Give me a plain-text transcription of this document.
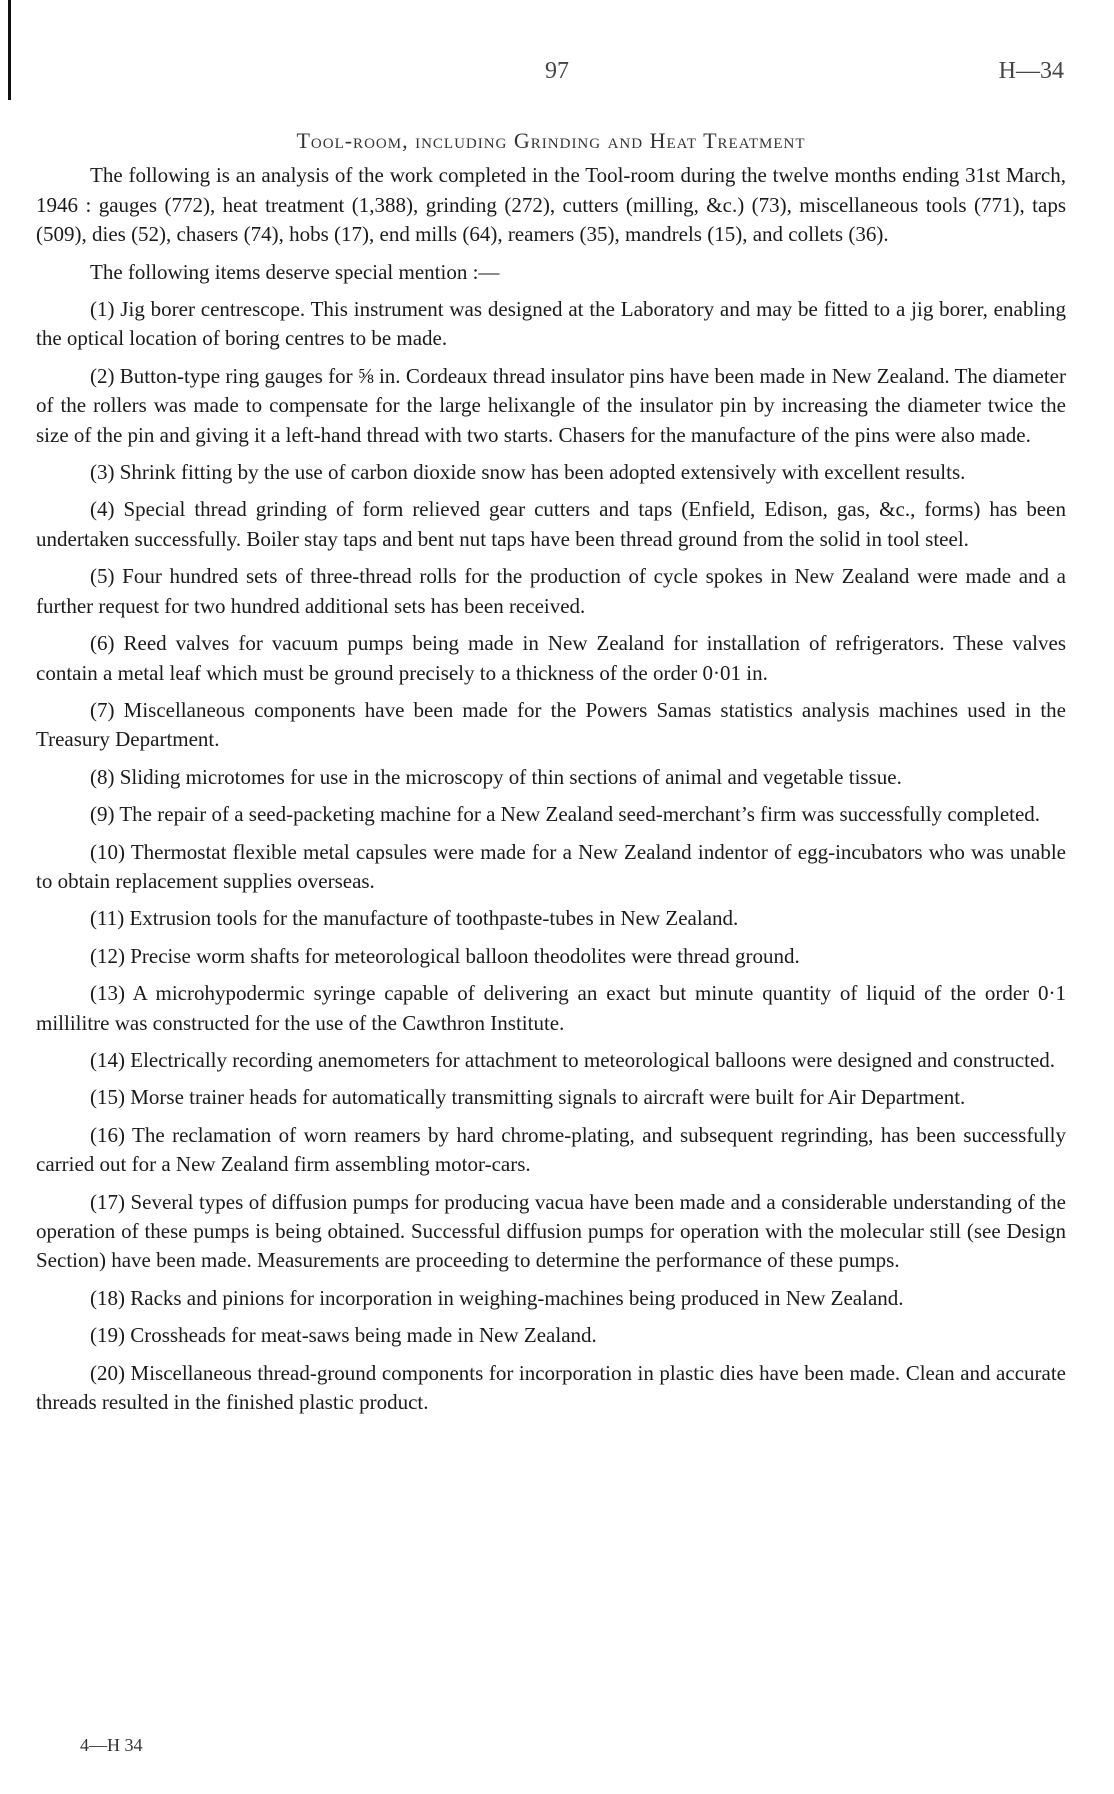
97	H—34
Tool-room, including Grinding and Heat Treatment

The following is an analysis of the work completed in the Tool-room during the twelve months ending 31st March, 1946 : gauges (772), heat treatment (1,388), grinding (272), cutters (milling, &c.) (73), miscellaneous tools (771), taps (509), dies (52), chasers (74), hobs (17), end mills (64), reamers (35), mandrels (15), and collets (36).

The following items deserve special mention :—

(1) Jig borer centrescope. This instrument was designed at the Laboratory and may be fitted to a jig borer, enabling the optical location of boring centres to be made.

(2) Button-type ring gauges for ⅝ in. Cordeaux thread insulator pins have been made in New Zealand. The diameter of the rollers was made to compensate for the large helixangle of the insulator pin by increasing the diameter twice the size of the pin and giving it a left-hand thread with two starts. Chasers for the manufacture of the pins were also made.

(3) Shrink fitting by the use of carbon dioxide snow has been adopted extensively with excellent results.

(4) Special thread grinding of form relieved gear cutters and taps (Enfield, Edison, gas, &c., forms) has been undertaken successfully. Boiler stay taps and bent nut taps have been thread ground from the solid in tool steel.

(5) Four hundred sets of three-thread rolls for the production of cycle spokes in New Zealand were made and a further request for two hundred additional sets has been received.

(6) Reed valves for vacuum pumps being made in New Zealand for installation of refrigerators. These valves contain a metal leaf which must be ground precisely to a thickness of the order 0·01 in.

(7) Miscellaneous components have been made for the Powers Samas statistics analysis machines used in the Treasury Department.

(8) Sliding microtomes for use in the microscopy of thin sections of animal and vegetable tissue.

(9) The repair of a seed-packeting machine for a New Zealand seed-merchant’s firm was successfully completed.

(10) Thermostat flexible metal capsules were made for a New Zealand indentor of egg-incubators who was unable to obtain replacement supplies overseas.

(11) Extrusion tools for the manufacture of toothpaste-tubes in New Zealand.

(12) Precise worm shafts for meteorological balloon theodolites were thread ground.

(13) A microhypodermic syringe capable of delivering an exact but minute quantity of liquid of the order 0·1 millilitre was constructed for the use of the Cawthron Institute.

(14) Electrically recording anemometers for attachment to meteorological balloons were designed and constructed.

(15) Morse trainer heads for automatically transmitting signals to aircraft were built for Air Department.

(16) The reclamation of worn reamers by hard chrome-plating, and subsequent regrinding, has been successfully carried out for a New Zealand firm assembling motor-cars.

(17) Several types of diffusion pumps for producing vacua have been made and a considerable understanding of the operation of these pumps is being obtained. Successful diffusion pumps for operation with the molecular still (see Design Section) have been made. Measurements are proceeding to determine the performance of these pumps.

(18) Racks and pinions for incorporation in weighing-machines being produced in New Zealand.

(19) Crossheads for meat-saws being made in New Zealand.

(20) Miscellaneous thread-ground components for incorporation in plastic dies have been made. Clean and accurate threads resulted in the finished plastic product.

4—H 34
